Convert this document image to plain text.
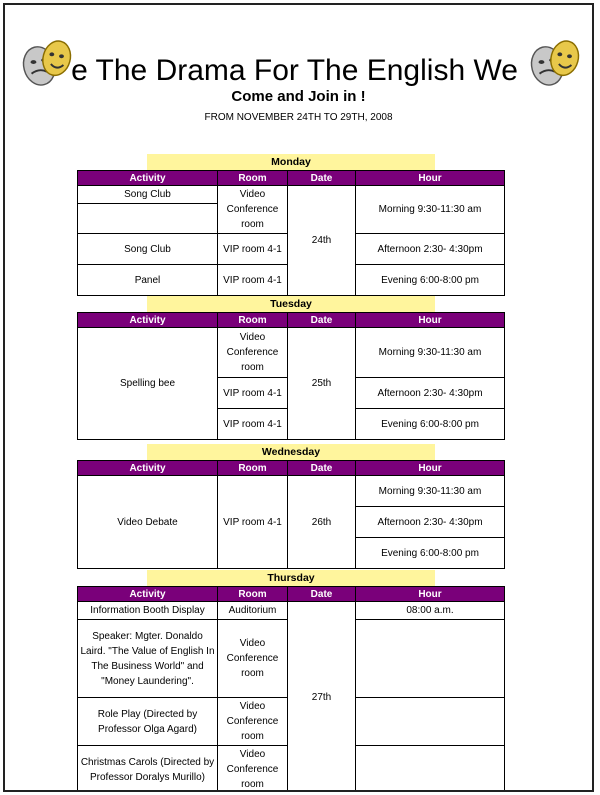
e The Drama For The English We
Come and Join in !
FROM NOVEMBER 24TH TO 29TH, 2008
Monday
Activity	Room	Date	Hour
Song Club	Video Conference room	24th	Morning 9:30-11:30 am

Song Club	VIP room 4-1		Afternoon 2:30- 4:30pm
Panel	VIP room 4-1		Evening 6:00-8:00 pm
Tuesday
Activity	Room	Date	Hour
Spelling bee	Video Conference room	25th	Morning 9:30-11:30 am
	VIP room 4-1		Afternoon 2:30- 4:30pm
	VIP room 4-1		Evening 6:00-8:00 pm
Wednesday
Activity	Room	Date	Hour
Video Debate	VIP room 4-1	26th	Morning 9:30-11:30 am
			Afternoon 2:30- 4:30pm
			Evening 6:00-8:00 pm
Thursday
Activity	Room	Date	Hour
Information Booth Display	Auditorium	27th	08:00 a.m.
Speaker: Mgter. Donaldo Laird. "The Value of English In The Business World" and "Money Laundering".	Video Conference room		
Role Play (Directed by Professor Olga Agard)	Video Conference room		
Christmas Carols (Directed by Professor Doralys Murillo)	Video Conference room		
